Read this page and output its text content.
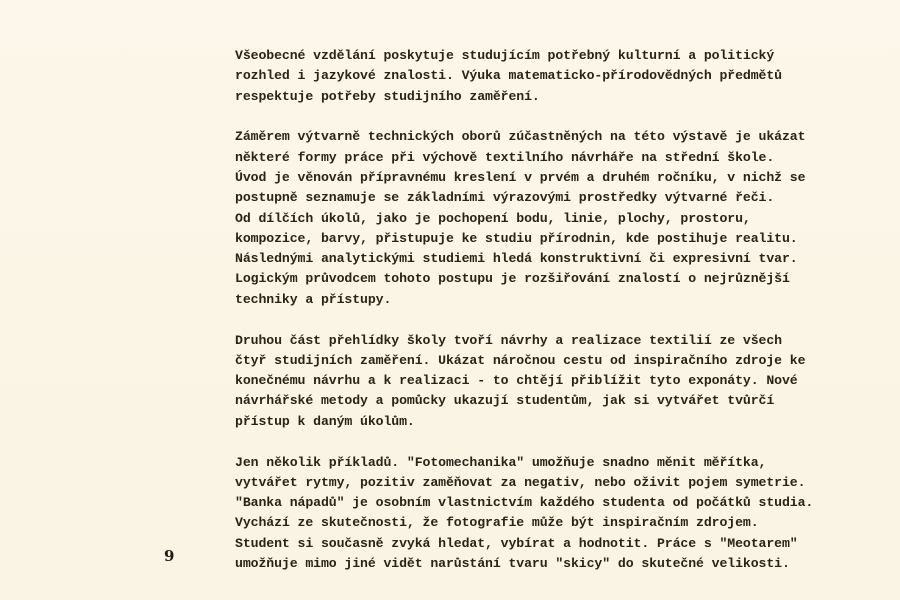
Všeobecné vzdělání poskytuje studujícím potřebný kulturní a politický
rozhled i jazykové znalosti. Výuka matematicko-přírodovědných předmětů
respektuje potřeby studijního zaměření.

Záměrem výtvarně technických oborů zúčastněných na této výstavě je ukázat
některé formy práce při výchově textilního návrháře na střední škole.
Úvod je věnován přípravnému kreslení v prvém a druhém ročníku, v nichž se
postupně seznamuje se základními výrazovými prostředky výtvarné řeči.
Od dílčích úkolů, jako je pochopení bodu, linie, plochy, prostoru,
kompozice, barvy, přistupuje ke studiu přírodnin, kde postihuje realitu.
Následnými analytickými studiemi hledá konstruktivní či expresivní tvar.
Logickým průvodcem tohoto postupu je rozšiřování znalostí o nejrůznější
techniky a přístupy.

Druhou část přehlídky školy tvoří návrhy a realizace textilií ze všech
čtyř studijních zaměření. Ukázat náročnou cestu od inspiračního zdroje ke
konečnému návrhu a k realizaci - to chtějí přiblížit tyto exponáty. Nové
návrhářské metody a pomůcky ukazují studentům, jak si vytvářet tvůrčí
přístup k daným úkolům.

Jen několik příkladů. "Fotomechanika" umožňuje snadno měnit měřítka,
vytvářet rytmy, pozitiv zaměňovat za negativ, nebo oživit pojem symetrie.
"Banka nápadů" je osobním vlastnictvím každého studenta od počátků studia.
Vychází ze skutečnosti, že fotografie může být inspiračním zdrojem.
Student si současně zvyká hledat, vybírat a hodnotit. Práce s "Meotarem"
umožňuje mimo jiné vidět narůstání tvaru "skicy" do skutečné velikosti.

9
